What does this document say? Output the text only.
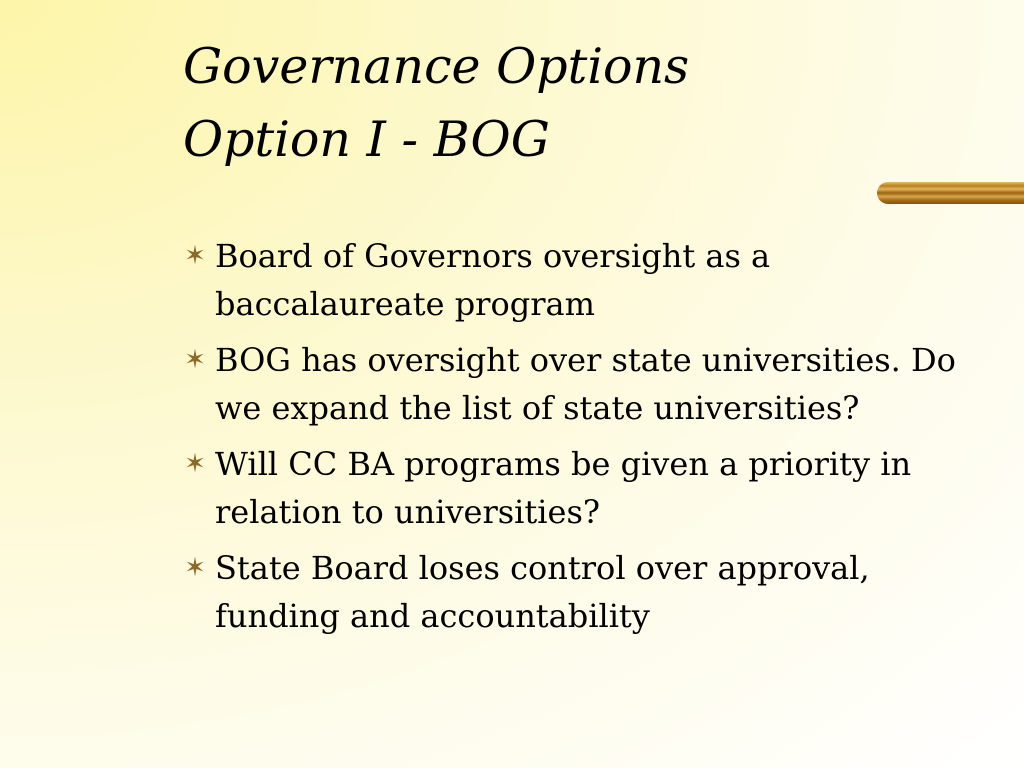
Governance Options
Option I - BOG
✶ Board of Governors oversight as a baccalaureate program
✶ BOG has oversight over state universities. Do we expand the list of state universities?
✶ Will CC BA programs be given a priority in relation to universities?
✶ State Board loses control over approval, funding and accountability
